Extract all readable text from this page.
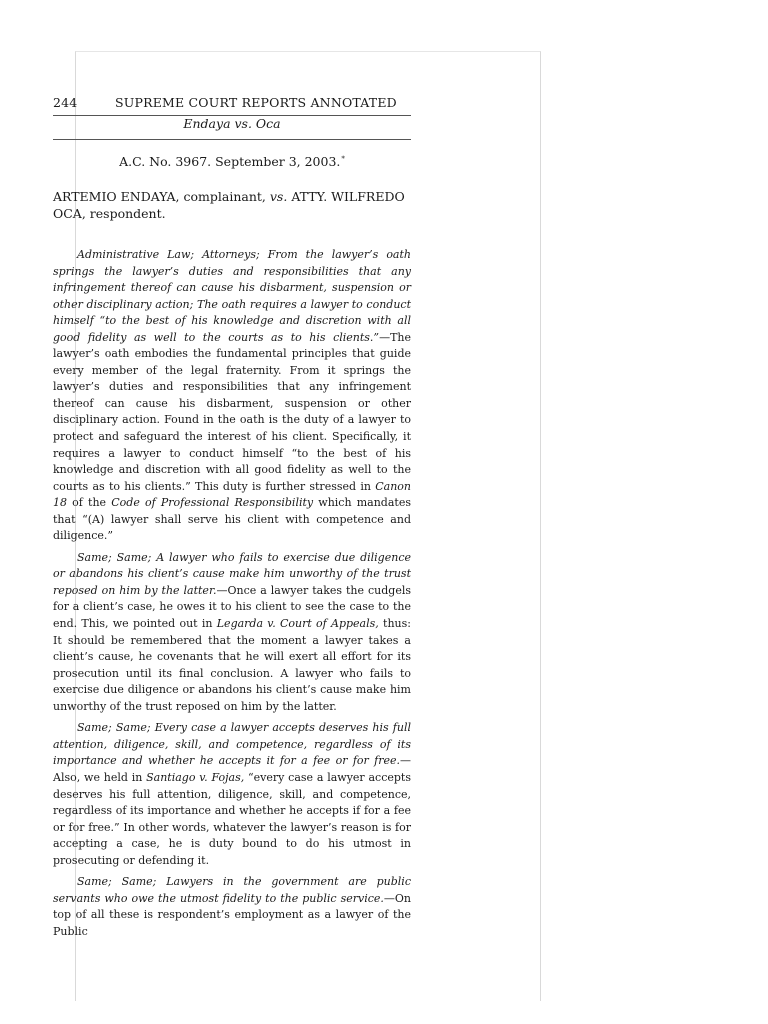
244	SUPREME COURT REPORTS ANNOTATED
Endaya vs. Oca
A.C. No. 3967. September 3, 2003.*
ARTEMIO ENDAYA, complainant, vs. ATTY. WILFREDO OCA, respondent.

Administrative Law; Attorneys; From the lawyer’s oath springs the lawyer’s duties and responsibilities that any infringement thereof can cause his disbarment, suspension or other disciplinary action; The oath requires a lawyer to conduct himself “to the best of his knowledge and discretion with all good fidelity as well to the courts as to his clients.”—The lawyer’s oath embodies the fundamental principles that guide every member of the legal fraternity. From it springs the lawyer’s duties and responsibilities that any infringement thereof can cause his disbarment, suspension or other disciplinary action. Found in the oath is the duty of a lawyer to protect and safeguard the interest of his client. Specifically, it requires a lawyer to conduct himself “to the best of his knowledge and discretion with all good fidelity as well to the courts as to his clients.” This duty is further stressed in Canon 18 of the Code of Professional Responsibility which mandates that “(A) lawyer shall serve his client with competence and diligence.”

Same; Same; A lawyer who fails to exercise due diligence or abandons his client’s cause make him unworthy of the trust reposed on him by the latter.—Once a lawyer takes the cudgels for a client’s case, he owes it to his client to see the case to the end. This, we pointed out in Legarda v. Court of Appeals, thus: It should be remembered that the moment a lawyer takes a client’s cause, he covenants that he will exert all effort for its prosecution until its final conclusion. A lawyer who fails to exercise due diligence or abandons his client’s cause make him unworthy of the trust reposed on him by the latter.

Same; Same; Every case a lawyer accepts deserves his full attention, diligence, skill, and competence, regardless of its importance and whether he accepts it for a fee or for free.—Also, we held in Santiago v. Fojas, “every case a lawyer accepts deserves his full attention, diligence, skill, and competence, regardless of its importance and whether he accepts if for a fee or for free.” In other words, whatever the lawyer’s reason is for accepting a case, he is duty bound to do his utmost in prosecuting or defending it.

Same; Same; Lawyers in the government are public servants who owe the utmost fidelity to the public service.—On top of all these is respondent’s employment as a lawyer of the Public
